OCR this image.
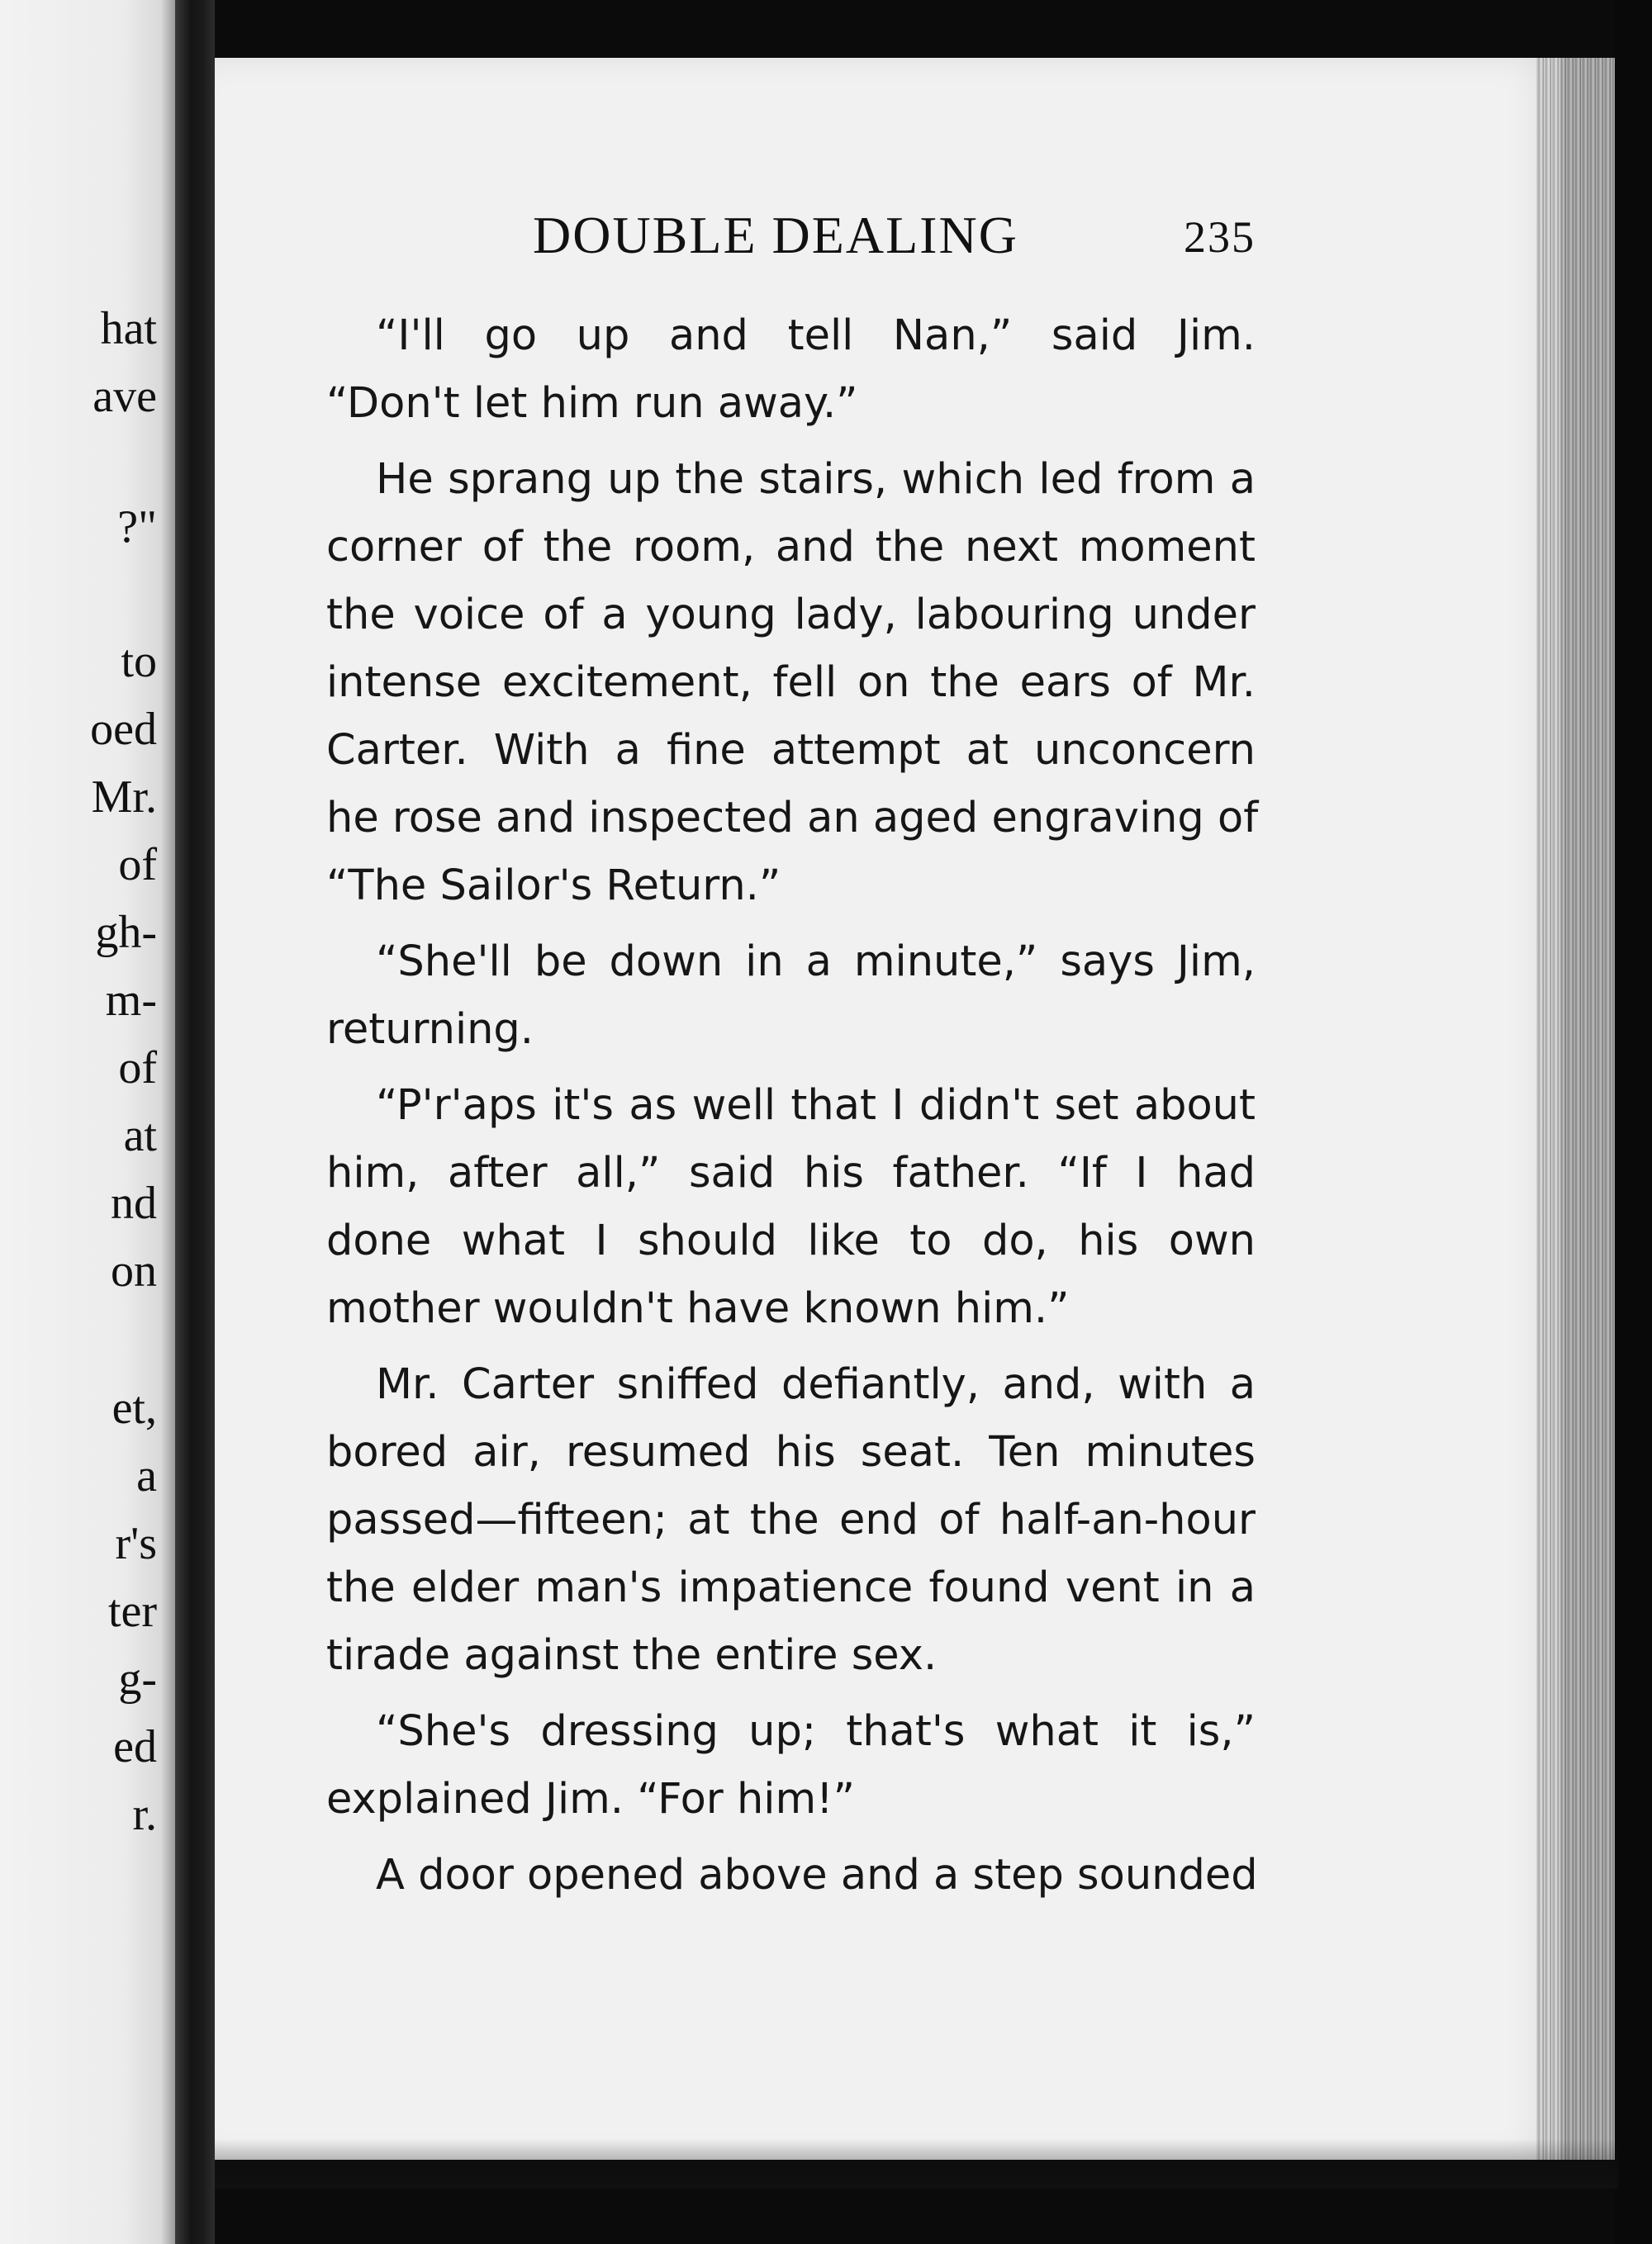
hat
ave
?"
to
oed
Mr.
of
gh-
m-
of
at
nd
on
et,
a
r's
ter
g-
ed
r.
DOUBLE DEALING	235
“I'll go up and tell Nan,” said Jim.
“Don't let him run away.”
He sprang up the stairs, which led from a
corner of the room, and the next moment
the voice of a young lady, labouring under
intense excitement, fell on the ears of Mr.
Carter. With a fine attempt at unconcern
he rose and inspected an aged engraving of
“The Sailor's Return.”
“She'll be down in a minute,” says Jim,
returning.
“P'r'aps it's as well that I didn't set about
him, after all,” said his father. “If I had
done what I should like to do, his own
mother wouldn't have known him.”
Mr. Carter sniffed defiantly, and, with a
bored air, resumed his seat. Ten minutes
passed—fifteen; at the end of half-an-hour
the elder man's impatience found vent in a
tirade against the entire sex.
“She's dressing up; that's what it is,”
explained Jim. “For him!”
A door opened above and a step sounded
